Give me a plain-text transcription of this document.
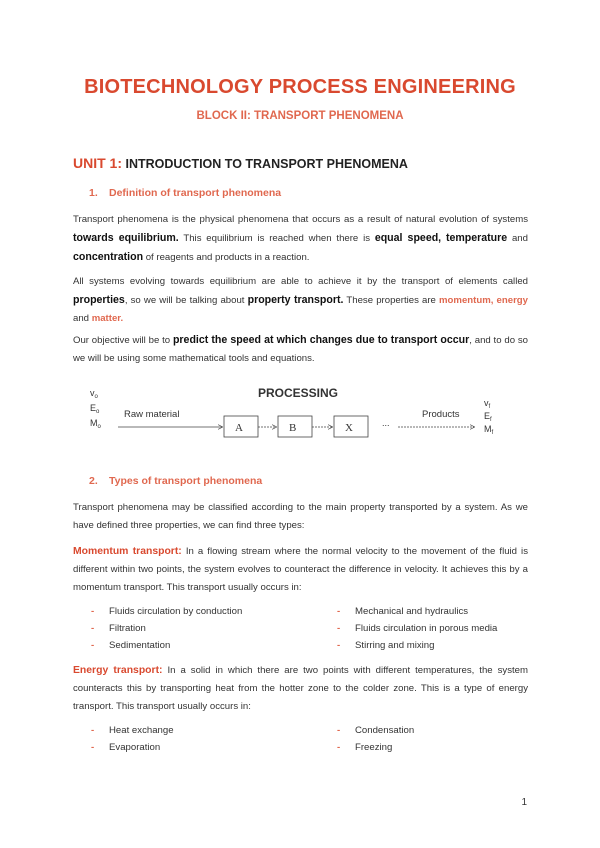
BIOTECHNOLOGY PROCESS ENGINEERING
BLOCK II: TRANSPORT PHENOMENA
UNIT 1: INTRODUCTION TO TRANSPORT PHENOMENA
1. Definition of transport phenomena
Transport phenomena is the physical phenomena that occurs as a result of natural evolution of systems towards equilibrium. This equilibrium is reached when there is equal speed, temperature and concentration of reagents and products in a reaction.
All systems evolving towards equilibrium are able to achieve it by the transport of elements called properties, so we will be talking about property transport. These properties are momentum, energy and matter.
Our objective will be to predict the speed at which changes due to transport occur, and to do so we will be using some mathematical tools and equations.
$v_o$
$E_o$
$M_o$
PROCESSING
Raw material	Products
A	B	X	...
$v_f$
$E_f$
$M_f$
2. Types of transport phenomena
Transport phenomena may be classified according to the main property transported by a system. As we have defined three properties, we can find three types:
Momentum transport: In a flowing stream where the normal velocity to the movement of the fluid is different within two points, the system evolves to counteract the difference in velocity. It achieves this by a momentum transport. This transport usually occurs in:
- Fluids circulation by conduction
- Filtration
- Sedimentation
- Mechanical and hydraulics
- Fluids circulation in porous media
- Stirring and mixing
Energy transport: In a solid in which there are two points with different temperatures, the system counteracts this by transporting heat from the hotter zone to the colder zone. This is a type of energy transport. This transport usually occurs in:
- Heat exchange
- Evaporation
- Condensation
- Freezing
1
